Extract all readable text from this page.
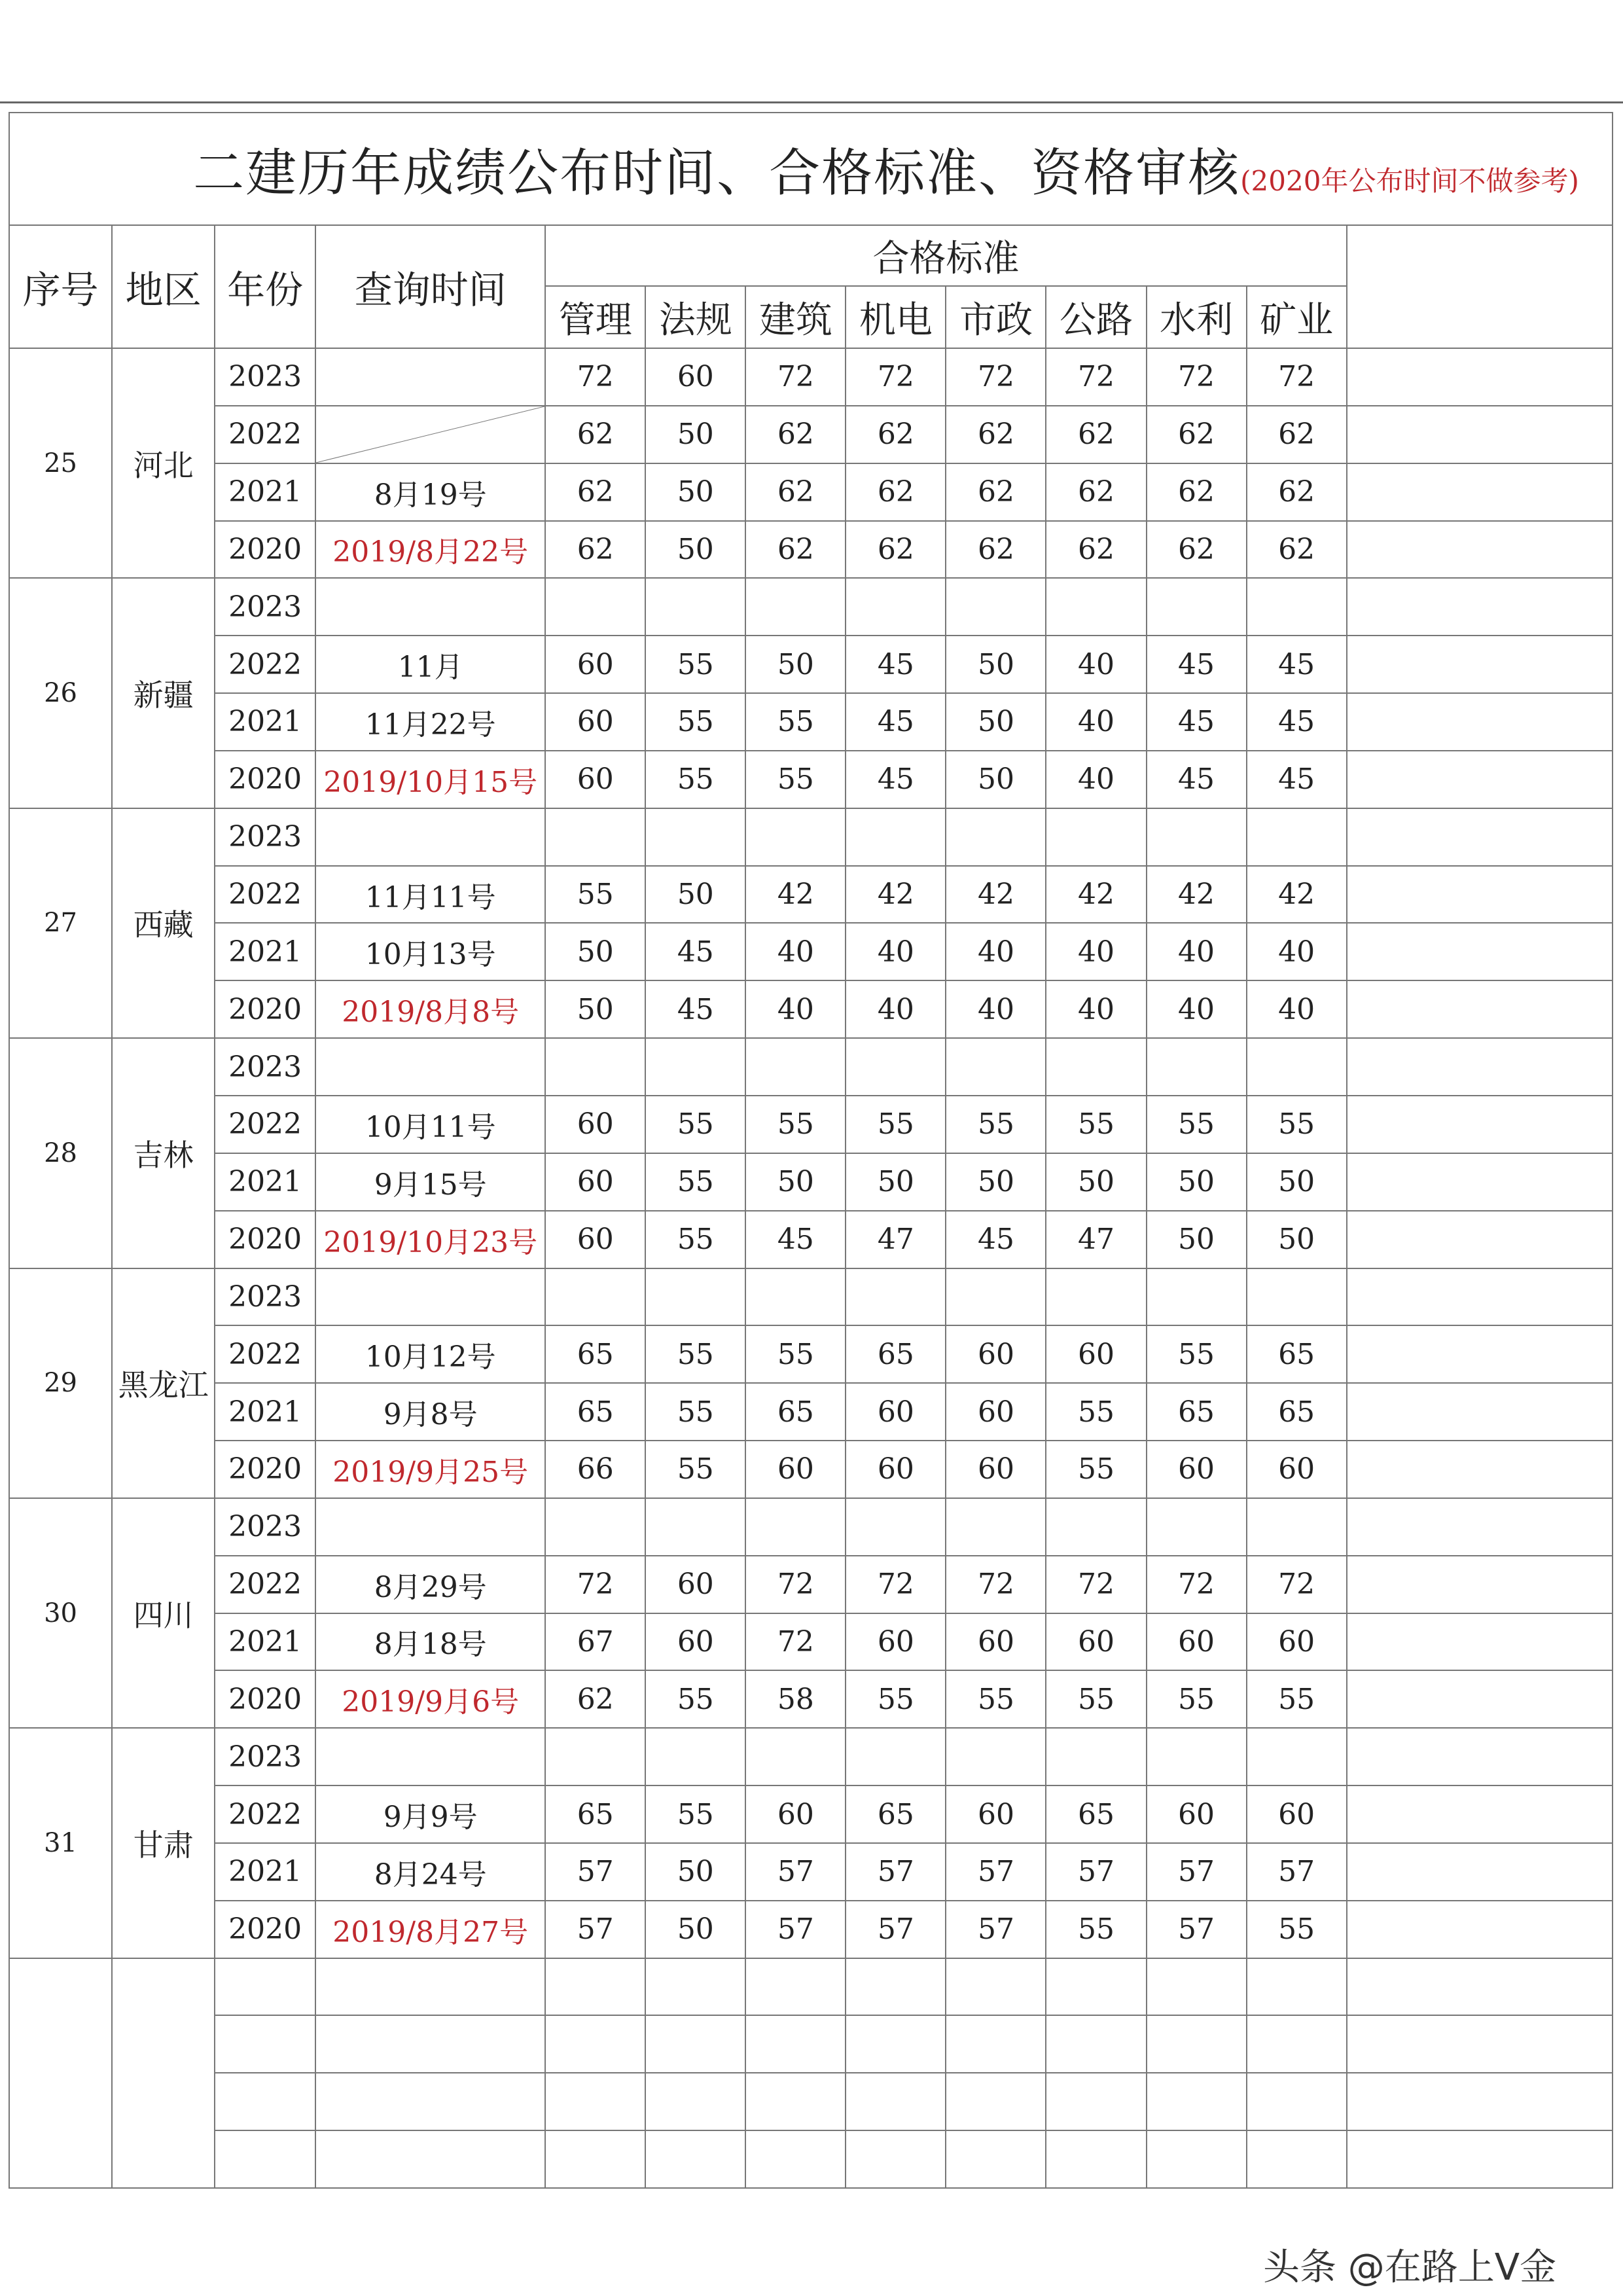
二建历年成绩公布时间、合格标准、资格审核(2020年公布时间不做参考)												

序号	地区	年份	查询时间	合格标准								
				管理	法规	建筑	机电	市政	公路	水利	矿业	
25	河北	2023		72	60	72	72	72	72	72	72	
		2022		62	50	62	62	62	62	62	62	
		2021	8月19号	62	50	62	62	62	62	62	62	
		2020	2019/8月22号	62	50	62	62	62	62	62	62	
26	新疆	2023										
		2022	11月	60	55	50	45	50	40	45	45	
		2021	11月22号	60	55	55	45	50	40	45	45	
		2020	2019/10月15号	60	55	55	45	50	40	45	45	
27	西藏	2023										
		2022	11月11号	55	50	42	42	42	42	42	42	
		2021	10月13号	50	45	40	40	40	40	40	40	
		2020	2019/8月8号	50	45	40	40	40	40	40	40	
28	吉林	2023										
		2022	10月11号	60	55	55	55	55	55	55	55	
		2021	9月15号	60	55	50	50	50	50	50	50	
		2020	2019/10月23号	60	55	45	47	45	47	50	50	
29	黑龙江	2023										
		2022	10月12号	65	55	55	65	60	60	55	65	
		2021	9月8号	65	55	65	60	60	55	65	65	
		2020	2019/9月25号	66	55	60	60	60	55	60	60	
30	四川	2023										
		2022	8月29号	72	60	72	72	72	72	72	72	
		2021	8月18号	67	60	72	60	60	60	60	60	
		2020	2019/9月6号	62	55	58	55	55	55	55	55	
31	甘肃	2023										
		2022	9月9号	65	55	60	65	60	65	60	60	
		2021	8月24号	57	50	57	57	57	57	57	57	
		2020	2019/8月27号	57	50	57	57	57	55	57	55	

头条 @在路上V金
